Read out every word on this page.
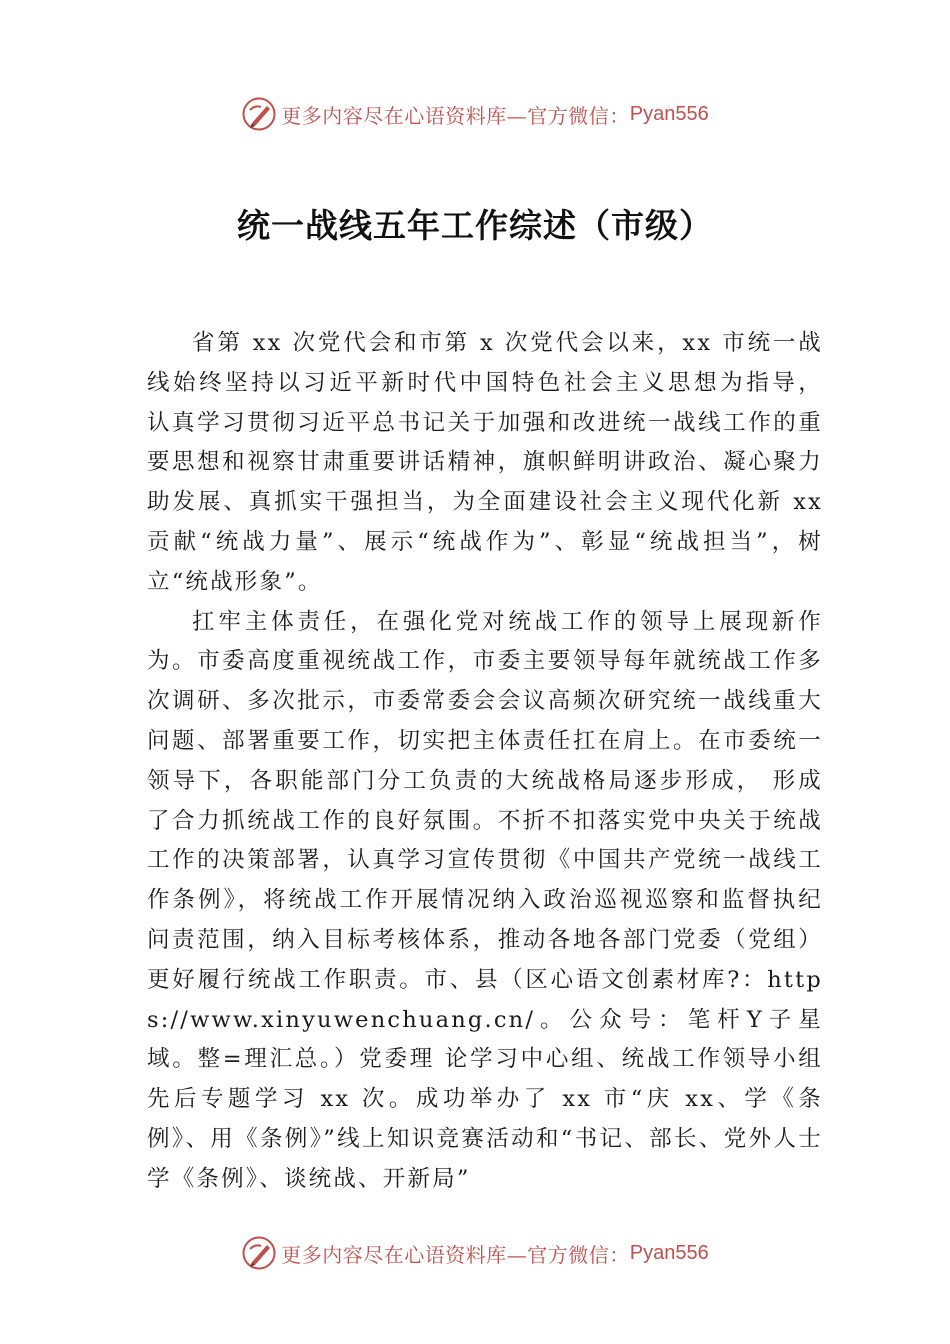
更多内容尽在心语资料库—官方微信： Pyan556
统一战线五年工作综述（市级）

省第 xx 次党代会和市第 x 次党代会以来，xx 市统一战线始终坚持以习近平新时代中国特色社会主义思想为指导， 认真学习贯彻习近平总书记关于加强和改进统一战线工作的重要思想和视察甘肃重要讲话精神，旗帜鲜明讲政治、凝心聚力助发展、真抓实干强担当，为全面建设社会主义现代化新 xx 贡献“统战力量”、展示“统战作为”、彰显“统战担当”，树立“统战形象”。

扛牢主体责任，在强化党对统战工作的领导上展现新作为。市委高度重视统战工作，市委主要领导每年就统战工作多次调研、多次批示，市委常委会会议高频次研究统一战线重大问题、部署重要工作，切实把主体责任扛在肩上。在市委统一领导下，各职能部门分工负责的大统战格局逐步形成， 形成了合力抓统战工作的良好氛围。不折不扣落实党中央关于统战工作的决策部署，认真学习宣传贯彻《中国共产党统一战线工作条例》，将统战工作开展情况纳入政治巡视巡察和监督执纪问责范围，纳入目标考核体系，推动各地各部门党委（党组）更好履行统战工作职责。市、县（区心语文创素材库?：https://www.xinyuwenchuang.cn/。公众号：笔杆Y子星域。整=理汇总。）党委理 论学习中心组、统战工作领导小组先后专题学习 xx 次。成功举办了 xx 市“庆 xx、学《条例》、用《条例》”线上知识竞赛活动和“书记、部长、党外人士学《条例》、谈统战、开新局”

更多内容尽在心语资料库—官方微信： Pyan556
